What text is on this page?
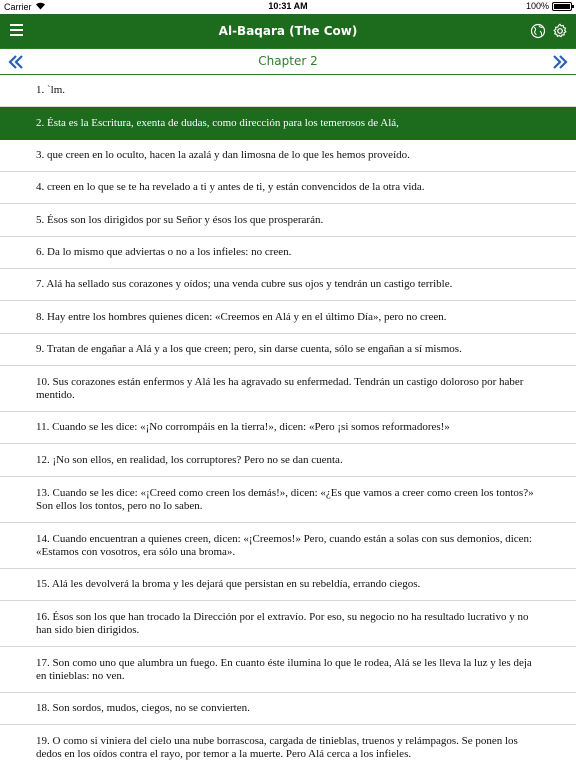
Carrier	10:31 AM	100%
Al-Baqara (The Cow)
Chapter 2
1. `lm.
2. Ésta es la Escritura, exenta de dudas, como dirección para los temerosos de Alá,
3. que creen en lo oculto, hacen la azalá y dan limosna de lo que les hemos proveído.
4. creen en lo que se te ha revelado a ti y antes de ti, y están convencidos de la otra vida.
5. Ésos son los dirigidos por su Señor y ésos los que prosperarán.
6. Da lo mismo que adviertas o no a los infieles: no creen.
7. Alá ha sellado sus corazones y oídos; una venda cubre sus ojos y tendrán un castigo terrible.
8. Hay entre los hombres quienes dicen: «Creemos en Alá y en el último Día», pero no creen.
9. Tratan de engañar a Alá y a los que creen; pero, sin darse cuenta, sólo se engañan a sí mismos.
10. Sus corazones están enfermos y Alá les ha agravado su enfermedad. Tendrán un castigo doloroso por haber mentido.
11. Cuando se les dice: «¡No corrompáis en la tierra!», dicen: «Pero ¡si somos reformadores!»
12. ¡No son ellos, en realidad, los corruptores? Pero no se dan cuenta.
13. Cuando se les dice: «¡Creed como creen los demás!», dicen: «¿Es que vamos a creer como creen los tontos?» Son ellos los tontos, pero no lo saben.
14. Cuando encuentran a quienes creen, dicen: «¡Creemos!» Pero, cuando están a solas con sus demonios, dicen: «Estamos con vosotros, era sólo una broma».
15. Alá les devolverá la broma y les dejará que persistan en su rebeldía, errando ciegos.
16. Ésos son los que han trocado la Dirección por el extravío. Por eso, su negocio no ha resultado lucrativo y no han sido bien dirigidos.
17. Son como uno que alumbra un fuego. En cuanto éste ilumina lo que le rodea, Alá se les lleva la luz y les deja en tinieblas: no ven.
18. Son sordos, mudos, ciegos, no se convierten.
19. O como si viniera del cielo una nube borrascosa, cargada de tinieblas, truenos y relámpagos. Se ponen los dedos en los oídos contra el rayo, por temor a la muerte. Pero Alá cerca a los infieles.
